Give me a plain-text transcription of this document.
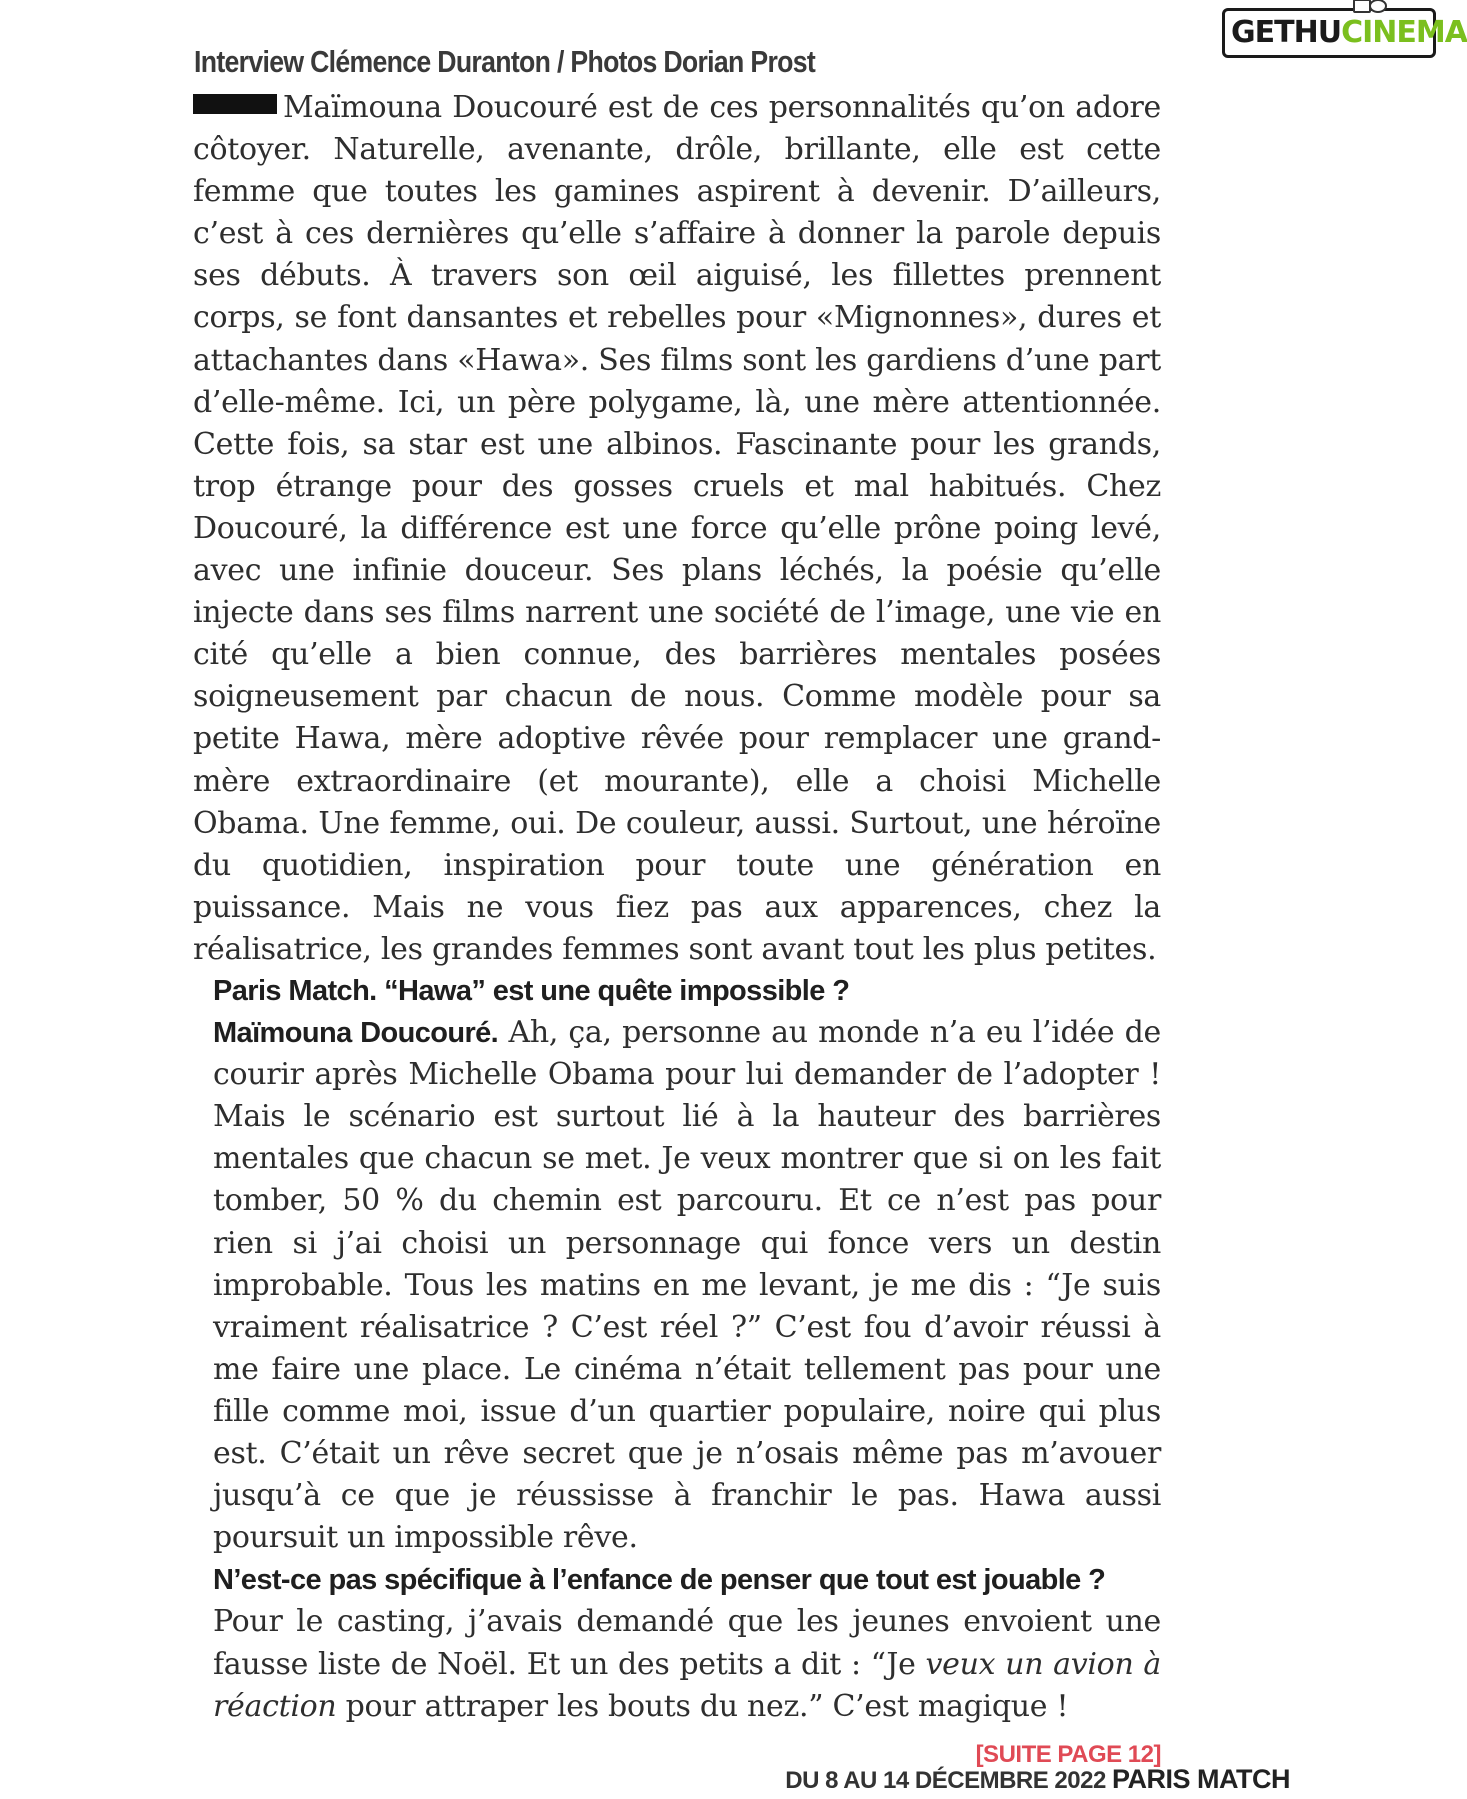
GETHUCINEMA
Interview Clémence Duranton / Photos Dorian Prost

Maïmouna Doucouré est de ces personnalités qu’on adore côtoyer. Naturelle, avenante, drôle, brillante, elle est cette femme que toutes les gamines aspirent à devenir. D’ailleurs, c’est à ces dernières qu’elle s’affaire à donner la parole depuis ses débuts. À travers son œil aiguisé, les fillettes prennent corps, se font dansantes et rebelles pour «Mignonnes», dures et attachantes dans «Hawa». Ses films sont les gardiens d’une part d’elle-même. Ici, un père polygame, là, une mère attentionnée. Cette fois, sa star est une albinos. Fascinante pour les grands, trop étrange pour des gosses cruels et mal habitués. Chez Doucouré, la différence est une force qu’elle prône poing levé, avec une infinie douceur. Ses plans léchés, la poésie qu’elle injecte dans ses films narrent une société de l’image, une vie en cité qu’elle a bien connue, des barrières mentales posées soigneusement par chacun de nous. Comme modèle pour sa petite Hawa, mère adoptive rêvée pour remplacer une grand-mère extraordinaire (et mourante), elle a choisi Michelle Obama. Une femme, oui. De couleur, aussi. Surtout, une héroïne du quotidien, inspiration pour toute une génération en puissance. Mais ne vous fiez pas aux apparences, chez la réalisatrice, les grandes femmes sont avant tout les plus petites.

Paris Match. “Hawa” est une quête impossible ?

Maïmouna Doucouré. Ah, ça, personne au monde n’a eu l’idée de courir après Michelle Obama pour lui demander de l’adopter ! Mais le scénario est surtout lié à la hauteur des barrières mentales que chacun se met. Je veux montrer que si on les fait tomber, 50 % du chemin est parcouru. Et ce n’est pas pour rien si j’ai choisi un personnage qui fonce vers un destin improbable. Tous les matins en me levant, je me dis : “Je suis vraiment réalisatrice ? C’est réel ?” C’est fou d’avoir réussi à me faire une place. Le cinéma n’était tellement pas pour une fille comme moi, issue d’un quartier populaire, noire qui plus est. C’était un rêve secret que je n’osais même pas m’avouer jusqu’à ce que je réussisse à franchir le pas. Hawa aussi poursuit un impossible rêve.

N’est-ce pas spécifique à l’enfance de penser que tout est jouable ?

Pour le casting, j’avais demandé que les jeunes envoient une fausse liste de Noël. Et un des petits a dit : “Je veux un avion à réaction pour attraper les bouts du nez.” C’est magique !
[SUITE PAGE 12]

DU 8 AU 14 DÉCEMBRE 2022 PARIS MATCH
